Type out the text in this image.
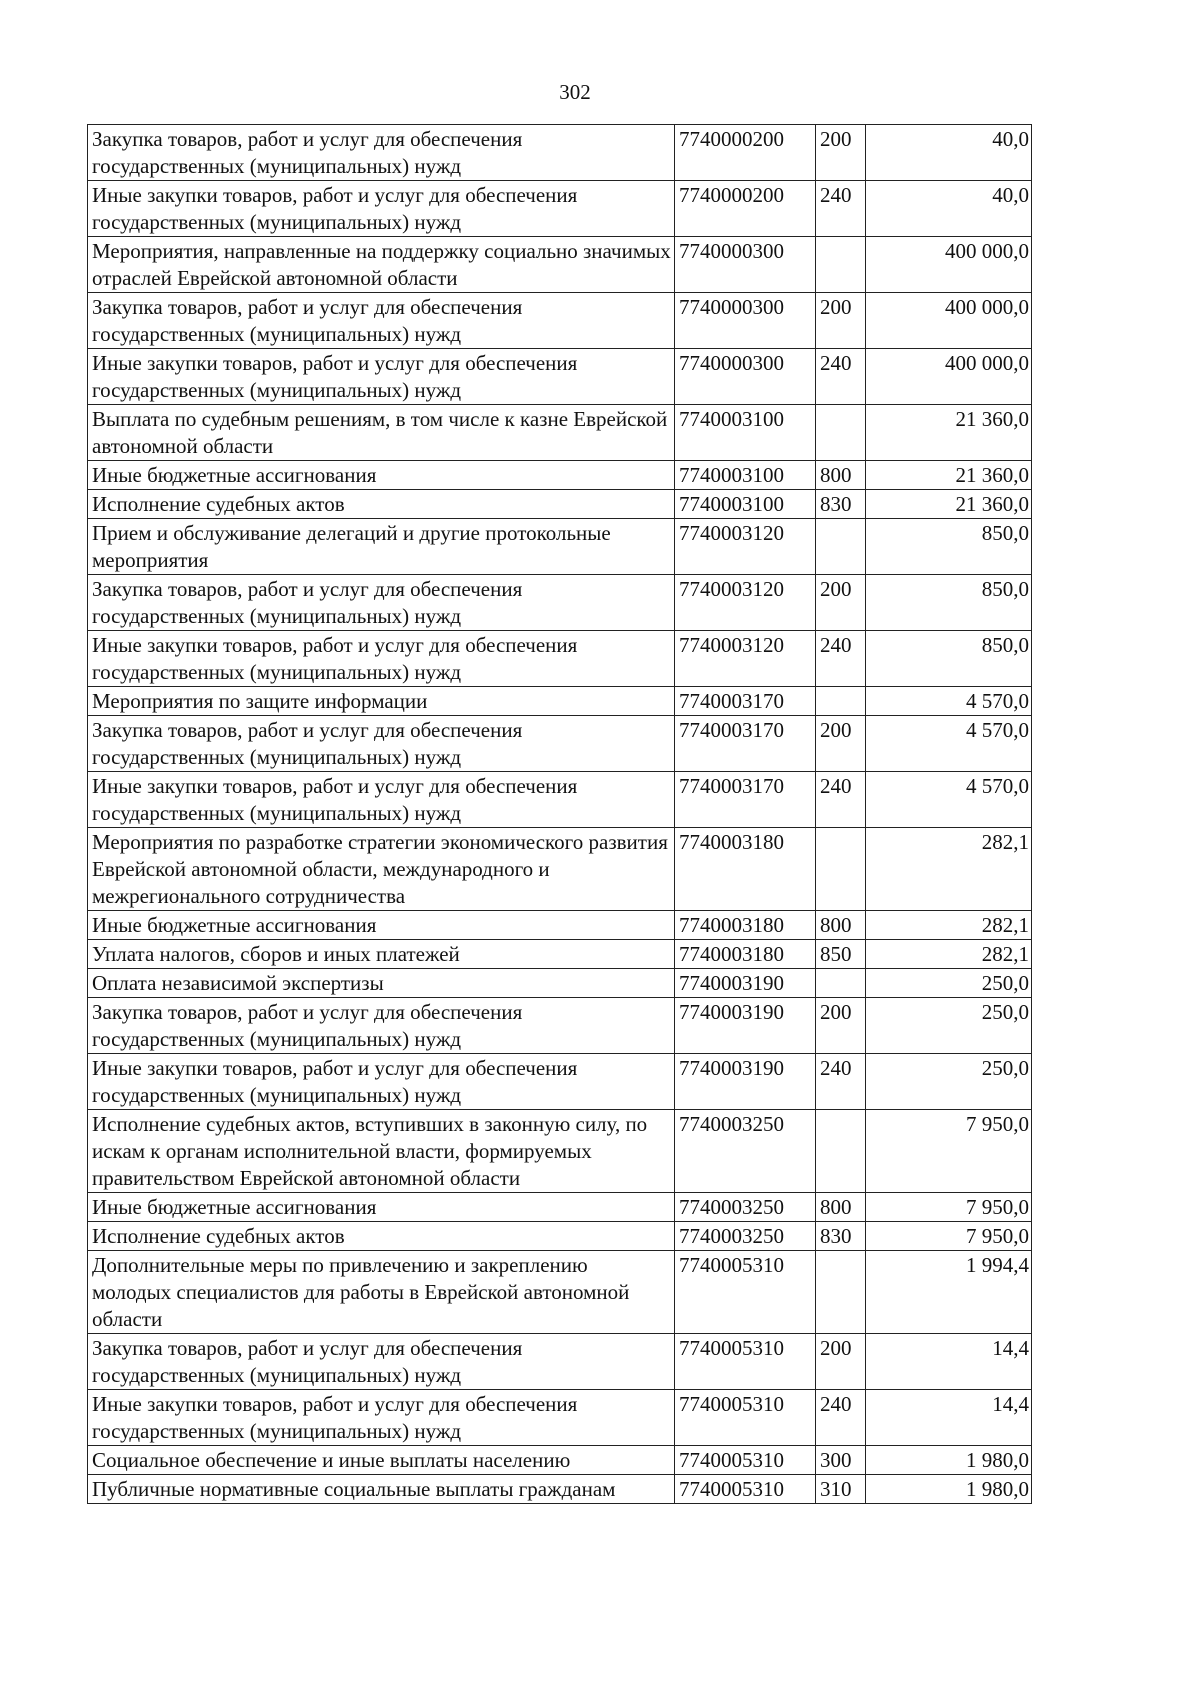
302
Закупка товаров, работ и услуг для обеспечения государственных (муниципальных) нужд	7740000200	200	40,0
Иные закупки товаров, работ и услуг для обеспечения государственных (муниципальных) нужд	7740000200	240	40,0
Мероприятия, направленные на поддержку социально значимых отраслей Еврейской автономной области	7740000300		400 000,0
Закупка товаров, работ и услуг для обеспечения государственных (муниципальных) нужд	7740000300	200	400 000,0
Иные закупки товаров, работ и услуг для обеспечения государственных (муниципальных) нужд	7740000300	240	400 000,0
Выплата по судебным решениям, в том числе к казне Еврейской автономной области	7740003100		21 360,0
Иные бюджетные ассигнования	7740003100	800	21 360,0
Исполнение судебных актов	7740003100	830	21 360,0
Прием и обслуживание делегаций и другие протокольные мероприятия	7740003120		850,0
Закупка товаров, работ и услуг для обеспечения государственных (муниципальных) нужд	7740003120	200	850,0
Иные закупки товаров, работ и услуг для обеспечения государственных (муниципальных) нужд	7740003120	240	850,0
Мероприятия по защите информации	7740003170		4 570,0
Закупка товаров, работ и услуг для обеспечения государственных (муниципальных) нужд	7740003170	200	4 570,0
Иные закупки товаров, работ и услуг для обеспечения государственных (муниципальных) нужд	7740003170	240	4 570,0
Мероприятия по разработке стратегии экономического развития Еврейской автономной области, международного и межрегионального сотрудничества	7740003180		282,1
Иные бюджетные ассигнования	7740003180	800	282,1
Уплата налогов, сборов и иных платежей	7740003180	850	282,1
Оплата независимой экспертизы	7740003190		250,0
Закупка товаров, работ и услуг для обеспечения государственных (муниципальных) нужд	7740003190	200	250,0
Иные закупки товаров, работ и услуг для обеспечения государственных (муниципальных) нужд	7740003190	240	250,0
Исполнение судебных актов, вступивших в законную силу, по искам к органам исполнительной власти, формируемых правительством Еврейской автономной области	7740003250		7 950,0
Иные бюджетные ассигнования	7740003250	800	7 950,0
Исполнение судебных актов	7740003250	830	7 950,0
Дополнительные меры по привлечению и закреплению молодых специалистов для работы в Еврейской автономной области	7740005310		1 994,4
Закупка товаров, работ и услуг для обеспечения государственных (муниципальных) нужд	7740005310	200	14,4
Иные закупки товаров, работ и услуг для обеспечения государственных (муниципальных) нужд	7740005310	240	14,4
Социальное обеспечение и иные выплаты населению	7740005310	300	1 980,0
Публичные нормативные социальные выплаты гражданам	7740005310	310	1 980,0
